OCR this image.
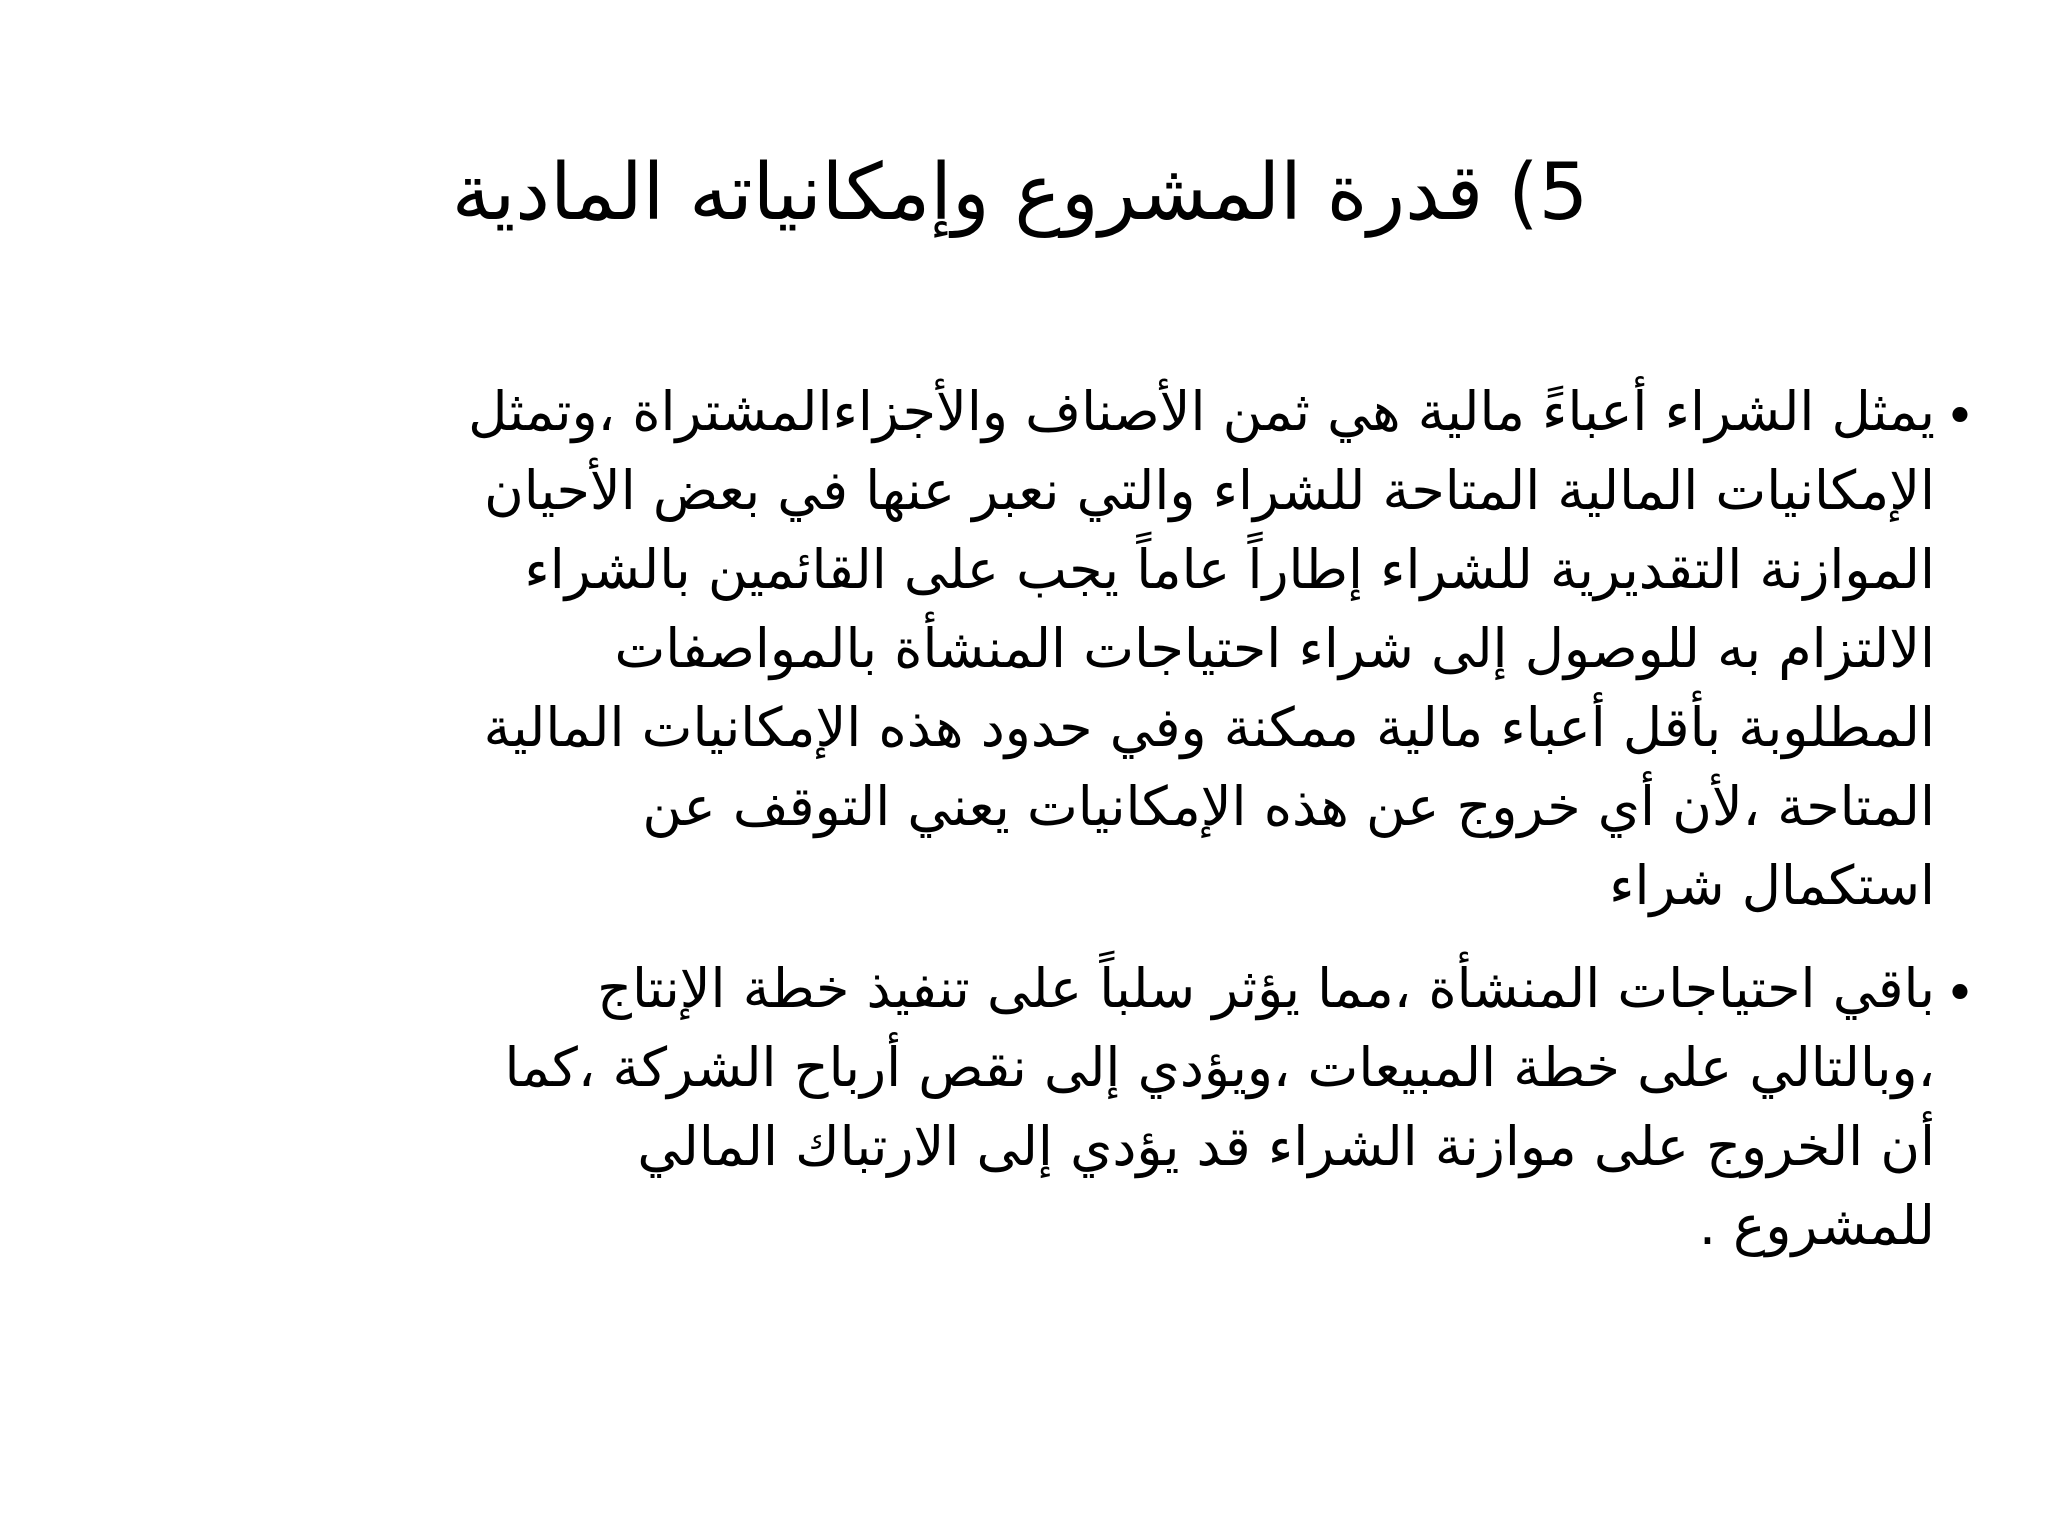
5) قدرة المشروع وإمكانياته المادية
•
يمثل الشراء أعباءً مالية هي ثمن الأصناف والأجزاءالمشتراة ،وتمثل
الإمكانيات المالية المتاحة للشراء والتي نعبر عنها في بعض الأحيان
الموازنة التقديرية للشراء إطاراً عاماً يجب على القائمين بالشراء
الالتزام به للوصول إلى شراء احتياجات المنشأة بالمواصفات
المطلوبة بأقل أعباء مالية ممكنة وفي حدود هذه الإمكانيات المالية
المتاحة ،لأن أي خروج عن هذه الإمكانيات يعني التوقف عن
استكمال شراء
•
باقي احتياجات المنشأة ،مما يؤثر سلباً على تنفيذ خطة الإنتاج
،وبالتالي على خطة المبيعات ،ويؤدي إلى نقص أرباح الشركة ،كما
أن الخروج على موازنة الشراء قد يؤدي إلى الارتباك المالي
للمشروع .
